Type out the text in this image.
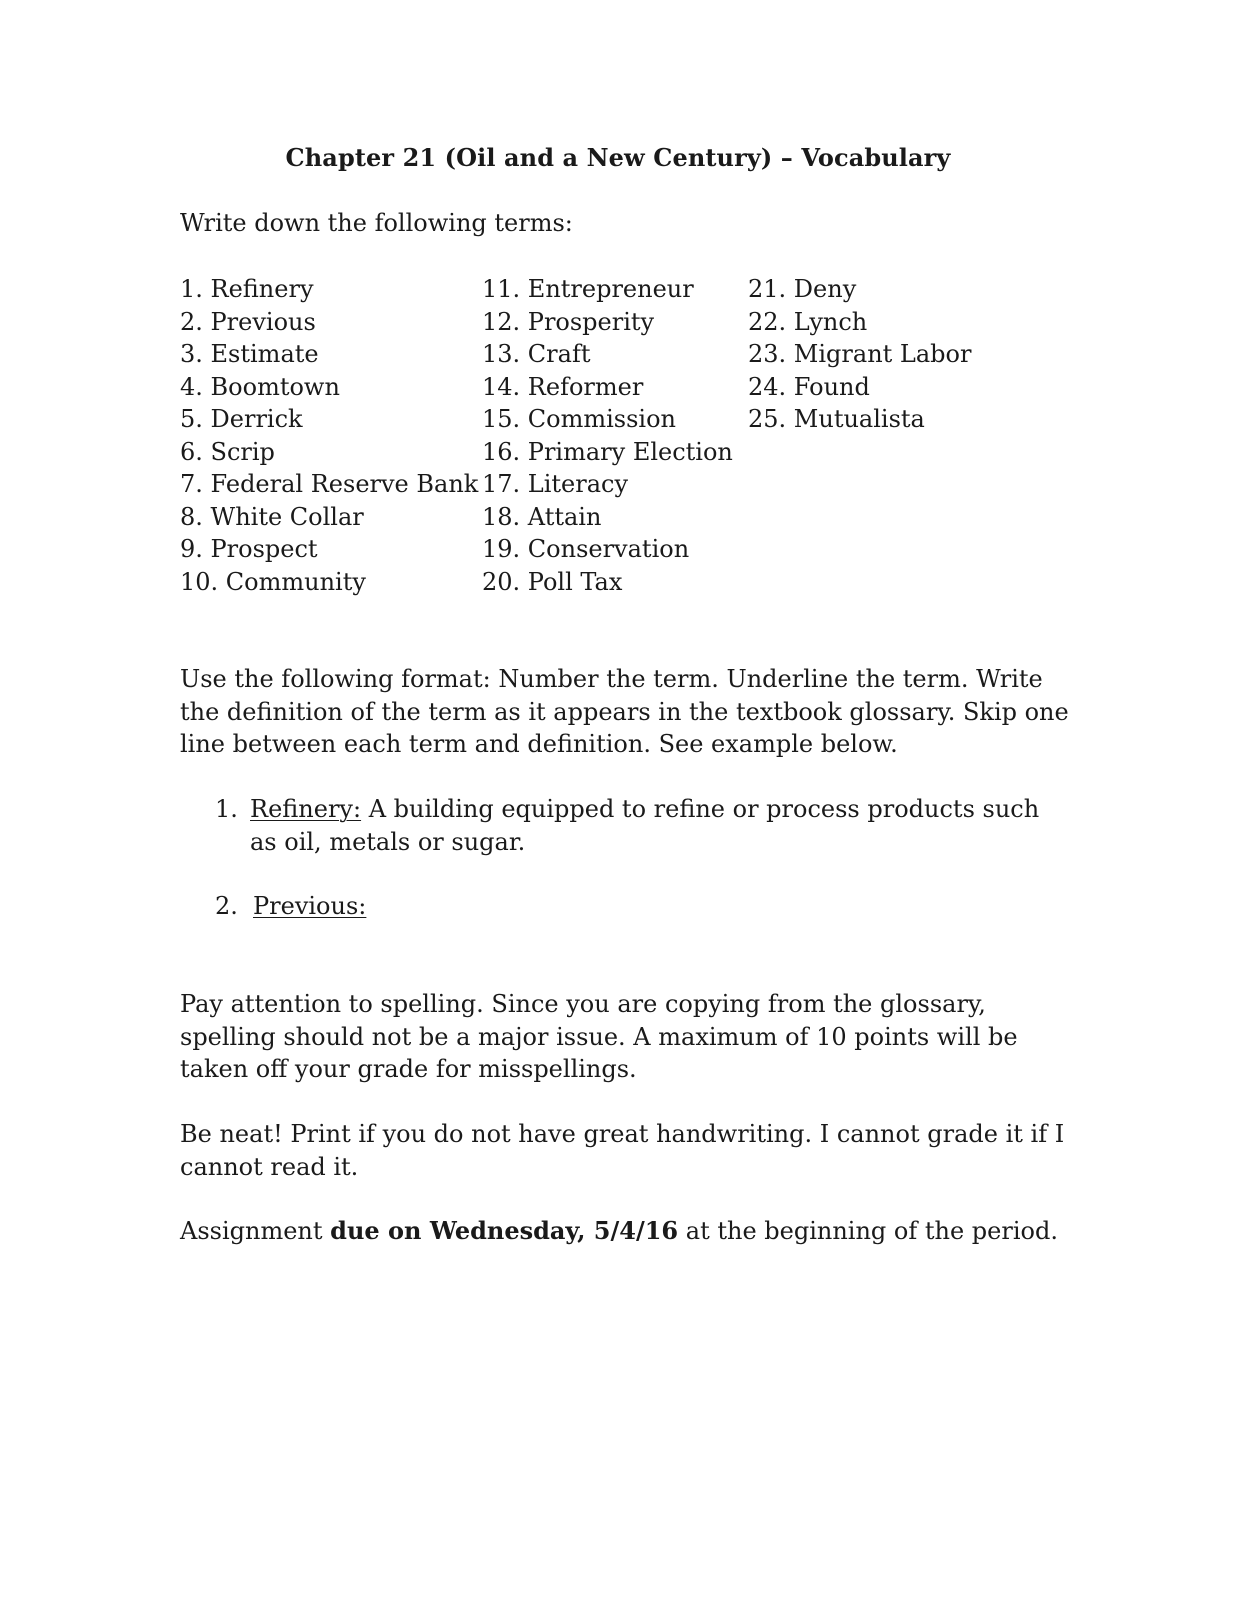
Chapter 21 (Oil and a New Century) – Vocabulary
Write down the following terms:
1. Refinery
2. Previous
3. Estimate
4. Boomtown
5. Derrick
6. Scrip
7. Federal Reserve Bank
8. White Collar
9. Prospect
10. Community
11. Entrepreneur
12. Prosperity
13. Craft
14. Reformer
15. Commission
16. Primary Election
17. Literacy
18. Attain
19. Conservation
20. Poll Tax
21. Deny
22. Lynch
23. Migrant Labor
24. Found
25. Mutualista
Use the following format: Number the term. Underline the term. Write
the definition of the term as it appears in the textbook glossary. Skip one
line between each term and definition. See example below.
1. Refinery: A building equipped to refine or process products such
as oil, metals or sugar.
2. Previous:
Pay attention to spelling. Since you are copying from the glossary,
spelling should not be a major issue. A maximum of 10 points will be
taken off your grade for misspellings.
Be neat! Print if you do not have great handwriting. I cannot grade it if I
cannot read it.
Assignment due on Wednesday, 5/4/16 at the beginning of the period.
